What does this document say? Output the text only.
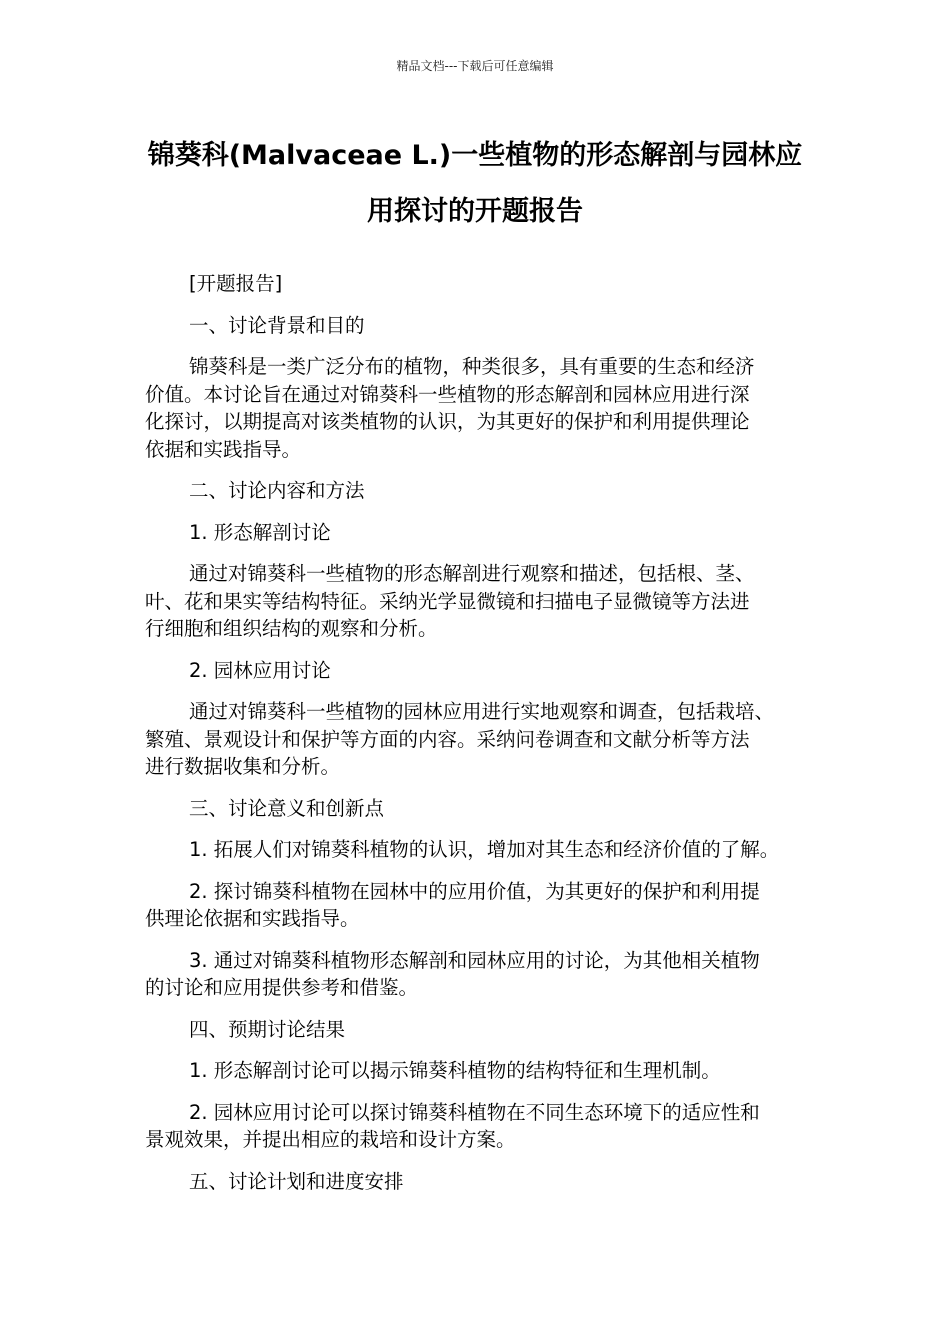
精品文档---下载后可任意编辑
锦葵科(Malvaceae L.)一些植物的形态解剖与园林应
用探讨的开题报告

[开题报告]

一、讨论背景和目的

锦葵科是一类广泛分布的植物，种类很多，具有重要的生态和经济
价值。本讨论旨在通过对锦葵科一些植物的形态解剖和园林应用进行深
化探讨，以期提高对该类植物的认识，为其更好的保护和利用提供理论
依据和实践指导。

二、讨论内容和方法

1. 形态解剖讨论

通过对锦葵科一些植物的形态解剖进行观察和描述，包括根、茎、
叶、花和果实等结构特征。采纳光学显微镜和扫描电子显微镜等方法进
行细胞和组织结构的观察和分析。

2. 园林应用讨论

通过对锦葵科一些植物的园林应用进行实地观察和调查，包括栽培、
繁殖、景观设计和保护等方面的内容。采纳问卷调查和文献分析等方法
进行数据收集和分析。

三、讨论意义和创新点

1. 拓展人们对锦葵科植物的认识，增加对其生态和经济价值的了解。

2. 探讨锦葵科植物在园林中的应用价值，为其更好的保护和利用提
供理论依据和实践指导。

3. 通过对锦葵科植物形态解剖和园林应用的讨论，为其他相关植物
的讨论和应用提供参考和借鉴。

四、预期讨论结果

1. 形态解剖讨论可以揭示锦葵科植物的结构特征和生理机制。

2. 园林应用讨论可以探讨锦葵科植物在不同生态环境下的适应性和
景观效果，并提出相应的栽培和设计方案。

五、讨论计划和进度安排
